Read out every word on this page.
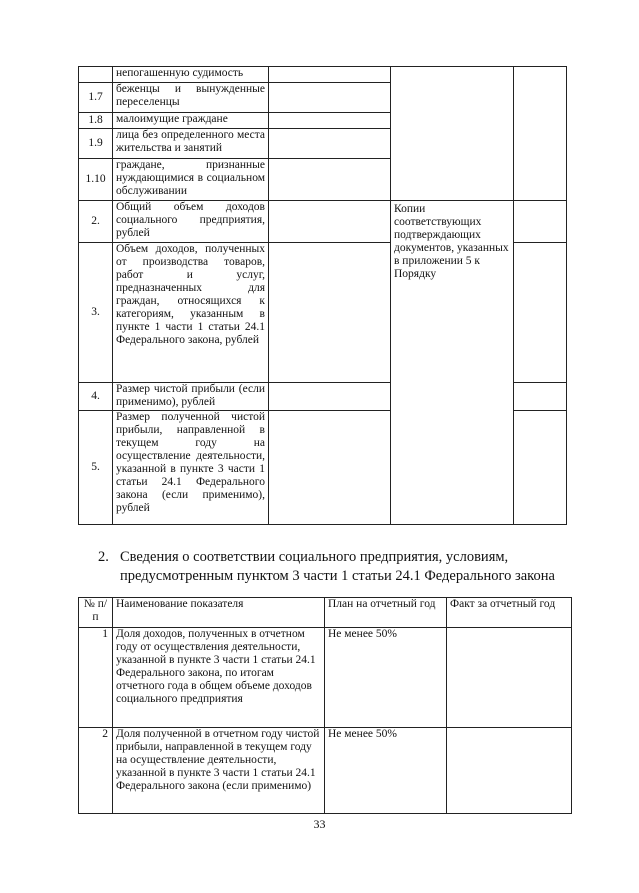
	непогашенную судимость			
1.7	беженцы и вынужденные переселенцы			
1.8	малоимущие граждане			
1.9	лица без определенного места жительства и занятий			
1.10	граждане, признанные нуждающимися в социальном обслуживании			
2.	Общий объем доходов социального предприятия, рублей		Копии соответствующих подтверждающих документов, указанных в приложении 5 к Порядку	
3.	Объем доходов, полученных от производства товаров, работ и услуг, предназначенных для граждан, относящихся к категориям, указанным в пункте 1 части 1 статьи 24.1 Федерального закона, рублей			
4.	Размер чистой прибыли (если применимо), рублей			
5.	Размер полученной чистой прибыли, направленной в текущем году на осуществление деятельности, указанной в пункте 3 части 1 статьи 24.1 Федерального закона (если применимо), рублей			
2. Сведения о соответствии социального предприятия, условиям,
предусмотренным пунктом 3 части 1 статьи 24.1 Федерального закона
№ п/п	Наименование показателя	План на отчетный год	Факт за отчетный год
1	Доля доходов, полученных в отчетном году от осуществления деятельности, указанной в пункте 3 части 1 статьи 24.1 Федерального закона, по итогам отчетного года в общем объеме доходов социального предприятия	Не менее 50%	
2	Доля полученной в отчетном году чистой прибыли, направленной в текущем году на осуществление деятельности, указанной в пункте 3 части 1 статьи 24.1 Федерального закона (если применимо)	Не менее 50%	
33
